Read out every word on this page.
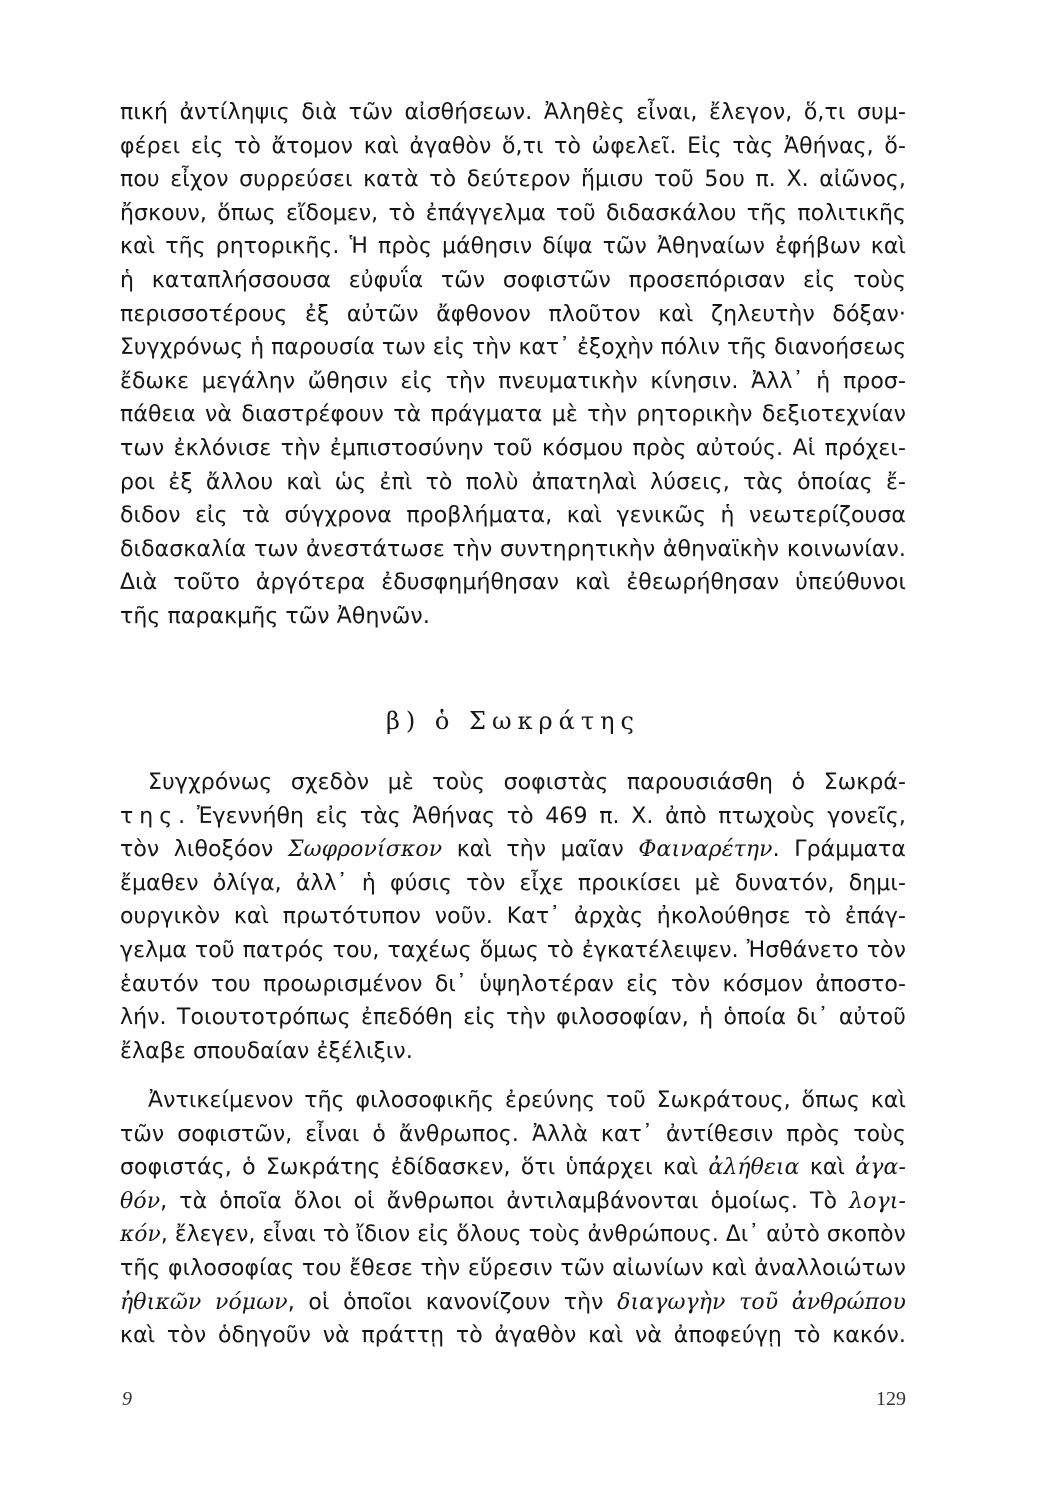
πική ἀντίληψις διὰ τῶν αἰσθήσεων. Ἀληθὲς εἶναι, ἔλεγον, ὅ,τι συμ-
φέρει εἰς τὸ ἄτομον καὶ ἀγαθὸν ὅ,τι τὸ ὠφελεῖ. Εἰς τὰς Ἀθήνας, ὅ-
που εἶχον συρρεύσει κατὰ τὸ δεύτερον ἥμισυ τοῦ 5ου π. Χ. αἰῶνος,
ἤσκουν, ὅπως εἴδομεν, τὸ ἐπάγγελμα τοῦ διδασκάλου τῆς πολιτικῆς
καὶ τῆς ρητορικῆς. Ἡ πρὸς μάθησιν δίψα τῶν Ἀθηναίων ἐφήβων καὶ
ἡ καταπλήσσουσα εὐφυΐα τῶν σοφιστῶν προσεπόρισαν εἰς τοὺς
περισσοτέρους ἐξ αὐτῶν ἄφθονον πλοῦτον καὶ ζηλευτὴν δόξαν·
Συγχρόνως ἡ παρουσία των εἰς τὴν κατ᾿ ἐξοχὴν πόλιν τῆς διανοήσεως
ἔδωκε μεγάλην ὤθησιν εἰς τὴν πνευματικὴν κίνησιν. Ἀλλ᾿ ἡ προσ-
πάθεια νὰ διαστρέφουν τὰ πράγματα μὲ τὴν ρητορικὴν δεξιοτεχνίαν
των ἐκλόνισε τὴν ἐμπιστοσύνην τοῦ κόσμου πρὸς αὐτούς. Αἱ πρόχει-
ροι ἐξ ἄλλου καὶ ὡς ἐπὶ τὸ πολὺ ἀπατηλαὶ λύσεις, τὰς ὁποίας ἔ-
διδον εἰς τὰ σύγχρονα προβλήματα, καὶ γενικῶς ἡ νεωτερίζουσα
διδασκαλία των ἀνεστάτωσε τὴν συντηρητικὴν ἀθηναϊκὴν κοινωνίαν.
Διὰ τοῦτο ἀργότερα ἐδυσφημήθησαν καὶ ἐθεωρήθησαν ὑπεύθυνοι
τῆς παρακμῆς τῶν Ἀθηνῶν.
β) ὁ Σωκράτης
Συγχρόνως σχεδὸν μὲ τοὺς σοφιστὰς παρουσιάσθη ὁ Σωκρά-
της. Ἐγεννήθη εἰς τὰς Ἀθήνας τὸ 469 π. Χ. ἀπὸ πτωχοὺς γονεῖς,
τὸν λιθοξόον Σωφρονίσκον καὶ τὴν μαῖαν Φαιναρέτην. Γράμματα
ἔμαθεν ὀλίγα, ἀλλ᾿ ἡ φύσις τὸν εἶχε προικίσει μὲ δυνατόν, δημι-
ουργικὸν καὶ πρωτότυπον νοῦν. Κατ᾿ ἀρχὰς ἠκολούθησε τὸ ἐπάγ-
γελμα τοῦ πατρός του, ταχέως ὅμως τὸ ἐγκατέλειψεν. Ἠσθάνετο τὸν
ἑαυτόν του προωρισμένον δι᾿ ὑψηλοτέραν εἰς τὸν κόσμον ἀποστο-
λήν. Τοιουτοτρόπως ἐπεδόθη εἰς τὴν φιλοσοφίαν, ἡ ὁποία δι᾿ αὐτοῦ
ἔλαβε σπουδαίαν ἐξέλιξιν.
Ἀντικείμενον τῆς φιλοσοφικῆς ἐρεύνης τοῦ Σωκράτους, ὅπως καὶ
τῶν σοφιστῶν, εἶναι ὁ ἄνθρωπος. Ἀλλὰ κατ᾿ ἀντίθεσιν πρὸς τοὺς
σοφιστάς, ὁ Σωκράτης ἐδίδασκεν, ὅτι ὑπάρχει καὶ ἀλήθεια καὶ ἀγα-
θόν, τὰ ὁποῖα ὅλοι οἱ ἄνθρωποι ἀντιλαμβάνονται ὁμοίως. Τὸ λογι-
κόν, ἔλεγεν, εἶναι τὸ ἴδιον εἰς ὅλους τοὺς ἀνθρώπους. Δι᾿ αὐτὸ σκοπὸν
τῆς φιλοσοφίας του ἔθεσε τὴν εὕρεσιν τῶν αἰωνίων καὶ ἀναλλοιώτων
ἠθικῶν νόμων, οἱ ὁποῖοι κανονίζουν τὴν διαγωγὴν τοῦ ἀνθρώπου
καὶ τὸν ὁδηγοῦν νὰ πράττῃ τὸ ἀγαθὸν καὶ νὰ ἀποφεύγῃ τὸ κακόν.
9	129
